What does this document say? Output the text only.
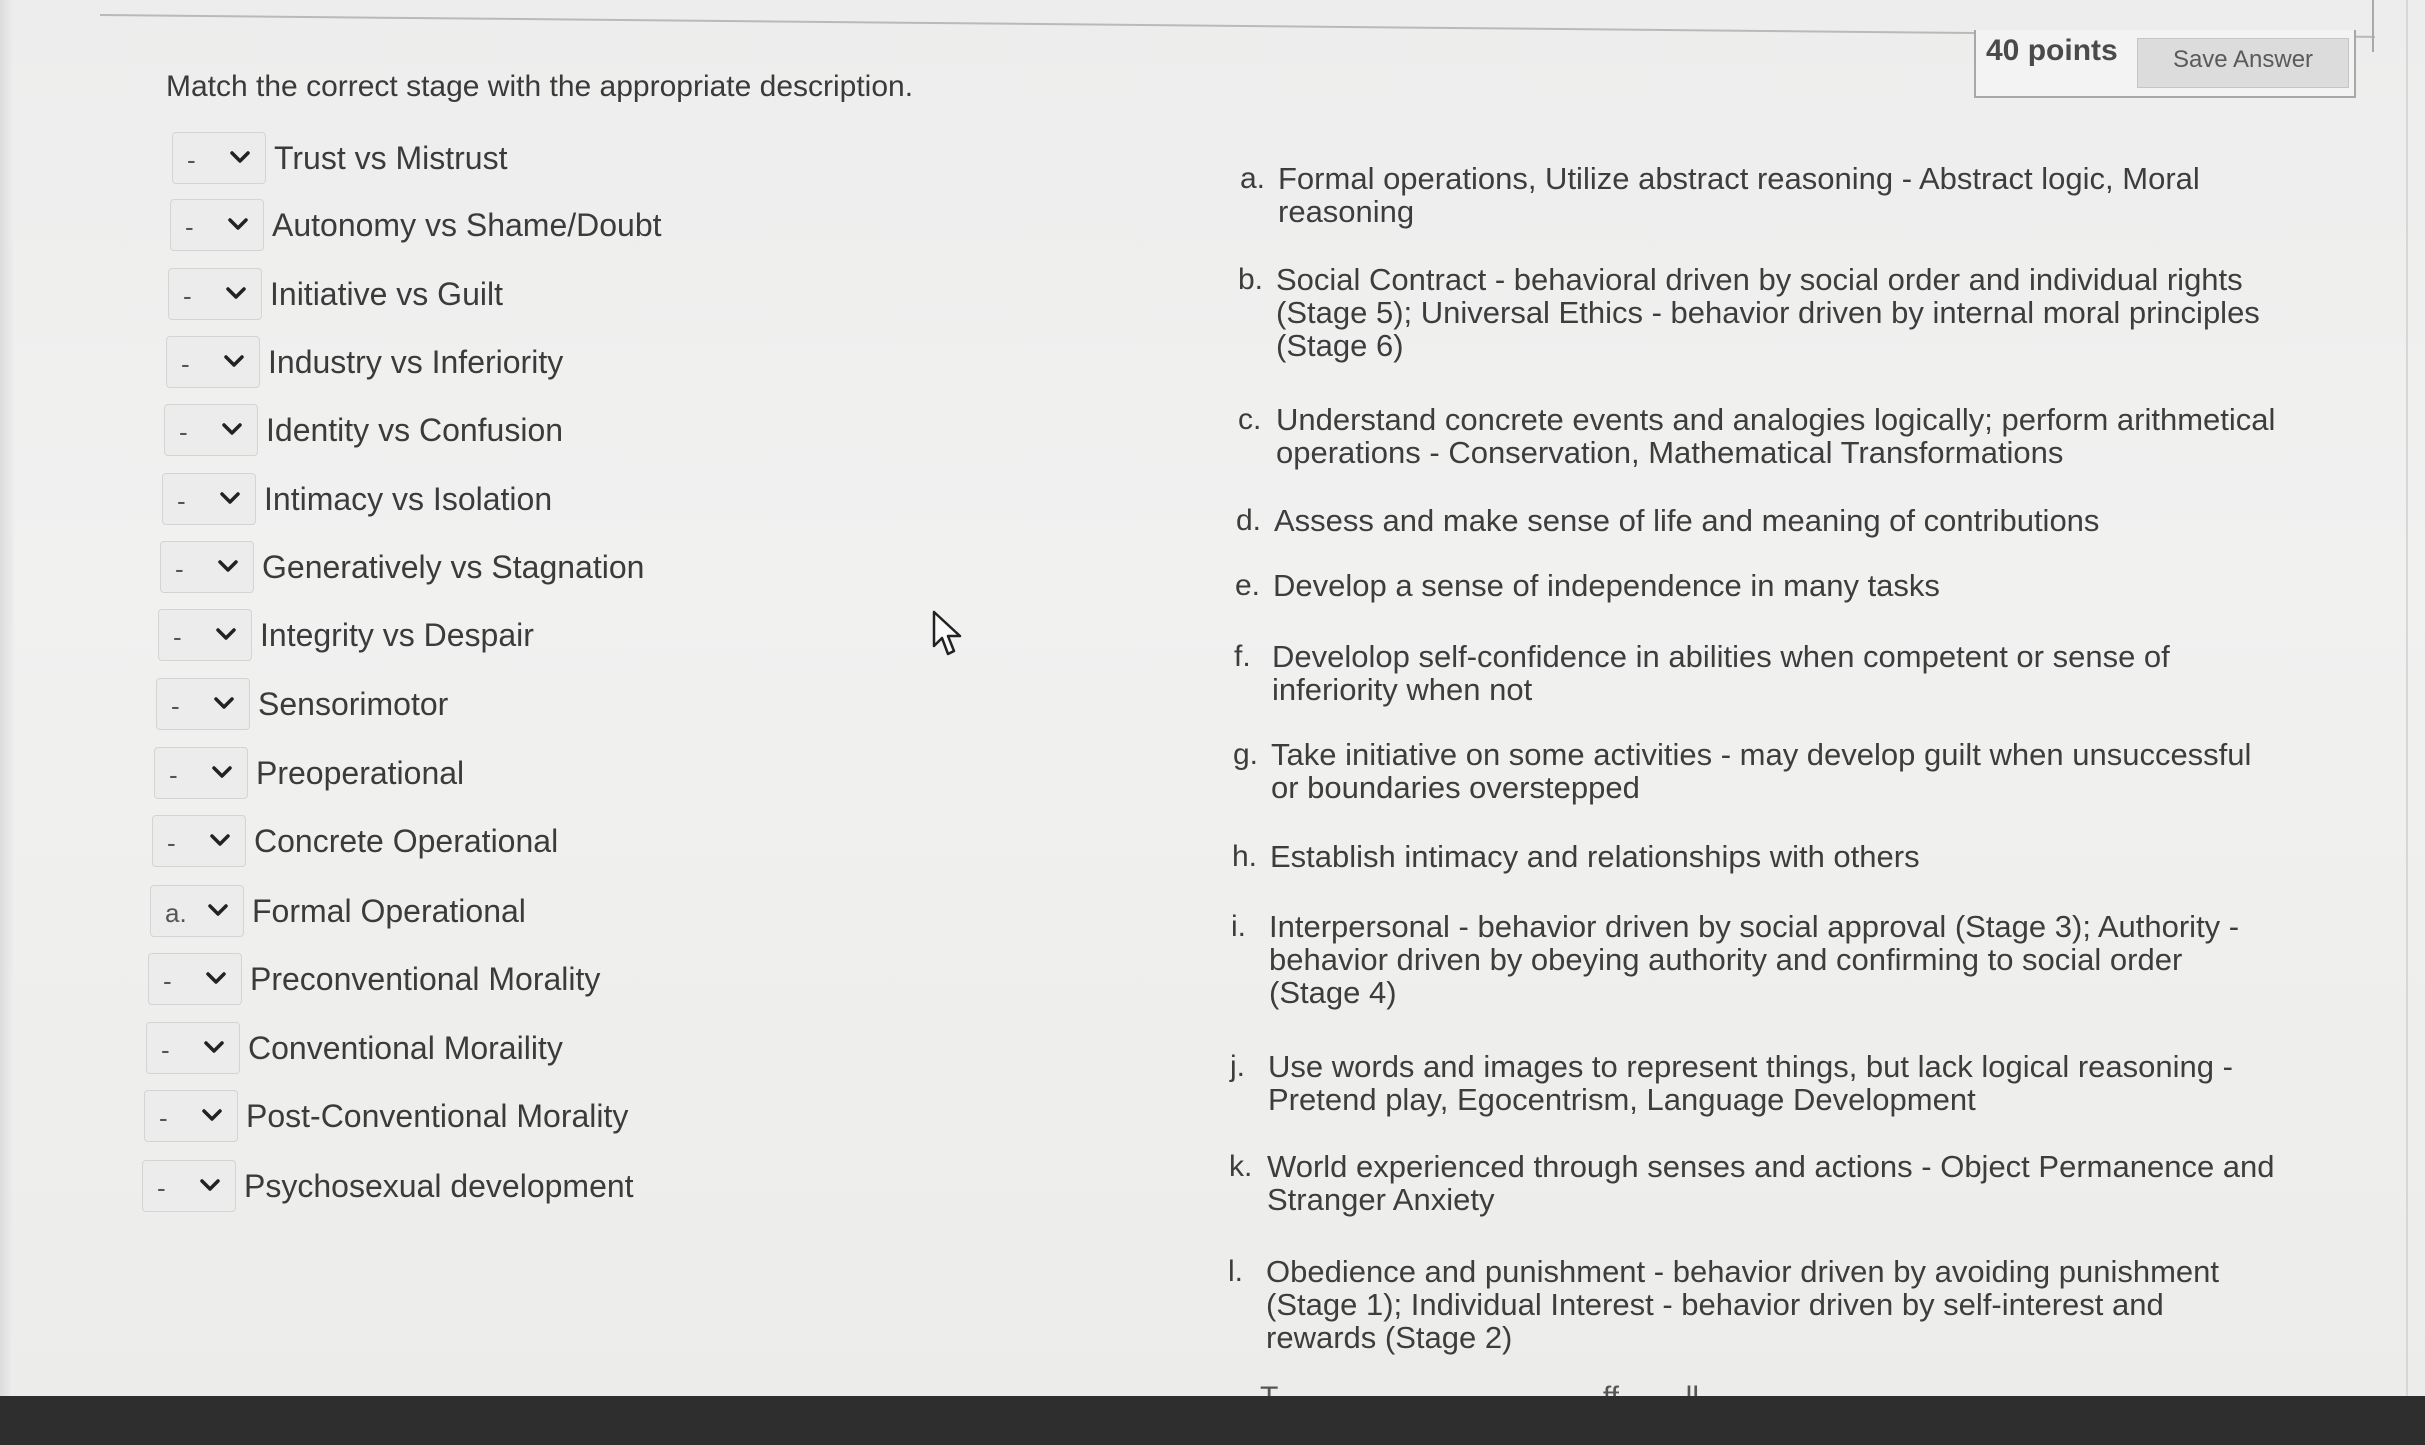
40 points	Save Answer
Match the correct stage with the appropriate description.
- Trust vs Mistrust
- Autonomy vs Shame/Doubt
- Initiative vs Guilt
- Industry vs Inferiority
- Identity vs Confusion
- Intimacy vs Isolation
- Generatively vs Stagnation
- Integrity vs Despair
- Sensorimotor
- Preoperational
- Concrete Operational
a. Formal Operational
- Preconventional Morality
- Conventional Moraility
- Post-Conventional Morality
- Psychosexual development
a. Formal operations, Utilize abstract reasoning - Abstract logic, Moral reasoning
b. Social Contract - behavioral driven by social order and individual rights (Stage 5); Universal Ethics - behavior driven by internal moral principles (Stage 6)
c. Understand concrete events and analogies logically; perform arithmetical operations - Conservation, Mathematical Transformations
d. Assess and make sense of life and meaning of contributions
e. Develop a sense of independence in many tasks
f. Develolop self-confidence in abilities when competent or sense of inferiority when not
g. Take initiative on some activities - may develop guilt when unsuccessful or boundaries overstepped
h. Establish intimacy and relationships with others
i. Interpersonal - behavior driven by social approval (Stage 3); Authority - behavior driven by obeying authority and confirming to social order (Stage 4)
j. Use words and images to represent things, but lack logical reasoning - Pretend play, Egocentrism, Language Development
k. World experienced through senses and actions - Object Permanence and Stranger Anxiety
l. Obedience and punishment - behavior driven by avoiding punishment (Stage 1); Individual Interest - behavior driven by self-interest and rewards (Stage 2)
